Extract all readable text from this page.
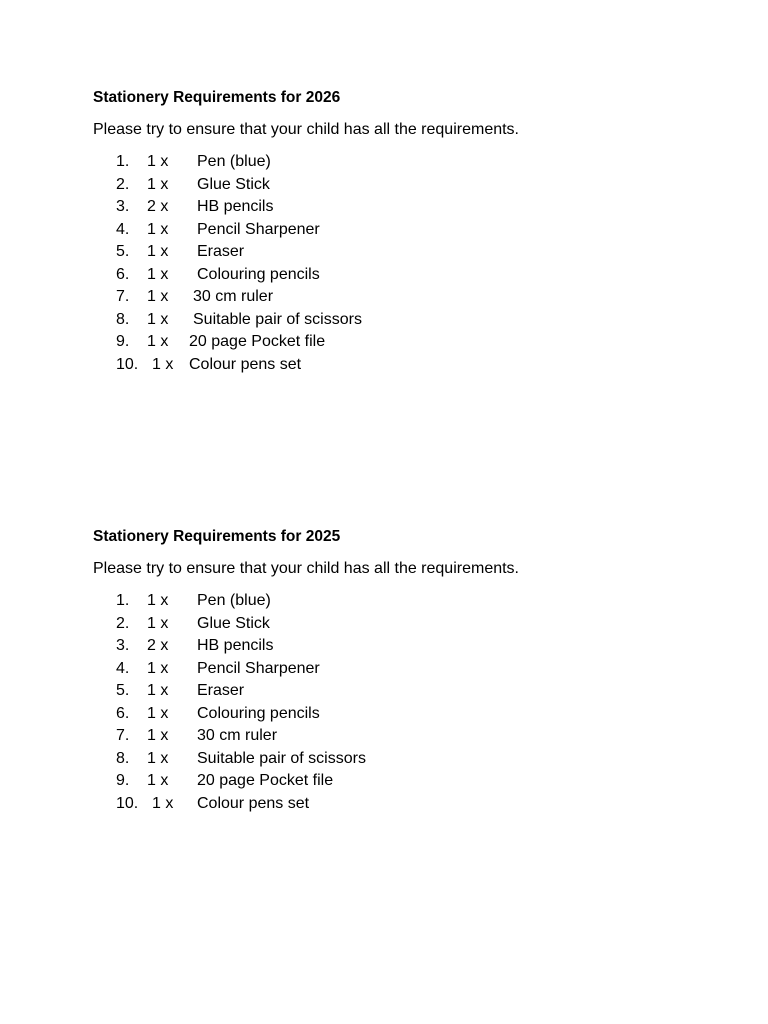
Stationery Requirements for 2026
Please try to ensure that your child has all the requirements.
1. 1 x Pen (blue)
2. 1 x Glue Stick
3. 2 x HB pencils
4. 1 x Pencil Sharpener
5. 1 x Eraser
6. 1 x Colouring pencils
7. 1 x 30 cm ruler
8. 1 x Suitable pair of scissors
9. 1 x 20 page Pocket file
10. 1 x Colour pens set
Stationery Requirements for 2025
Please try to ensure that your child has all the requirements.
1. 1 x Pen (blue)
2. 1 x Glue Stick
3. 2 x HB pencils
4. 1 x Pencil Sharpener
5. 1 x Eraser
6. 1 x Colouring pencils
7. 1 x 30 cm ruler
8. 1 x Suitable pair of scissors
9. 1 x 20 page Pocket file
10. 1 x Colour pens set
